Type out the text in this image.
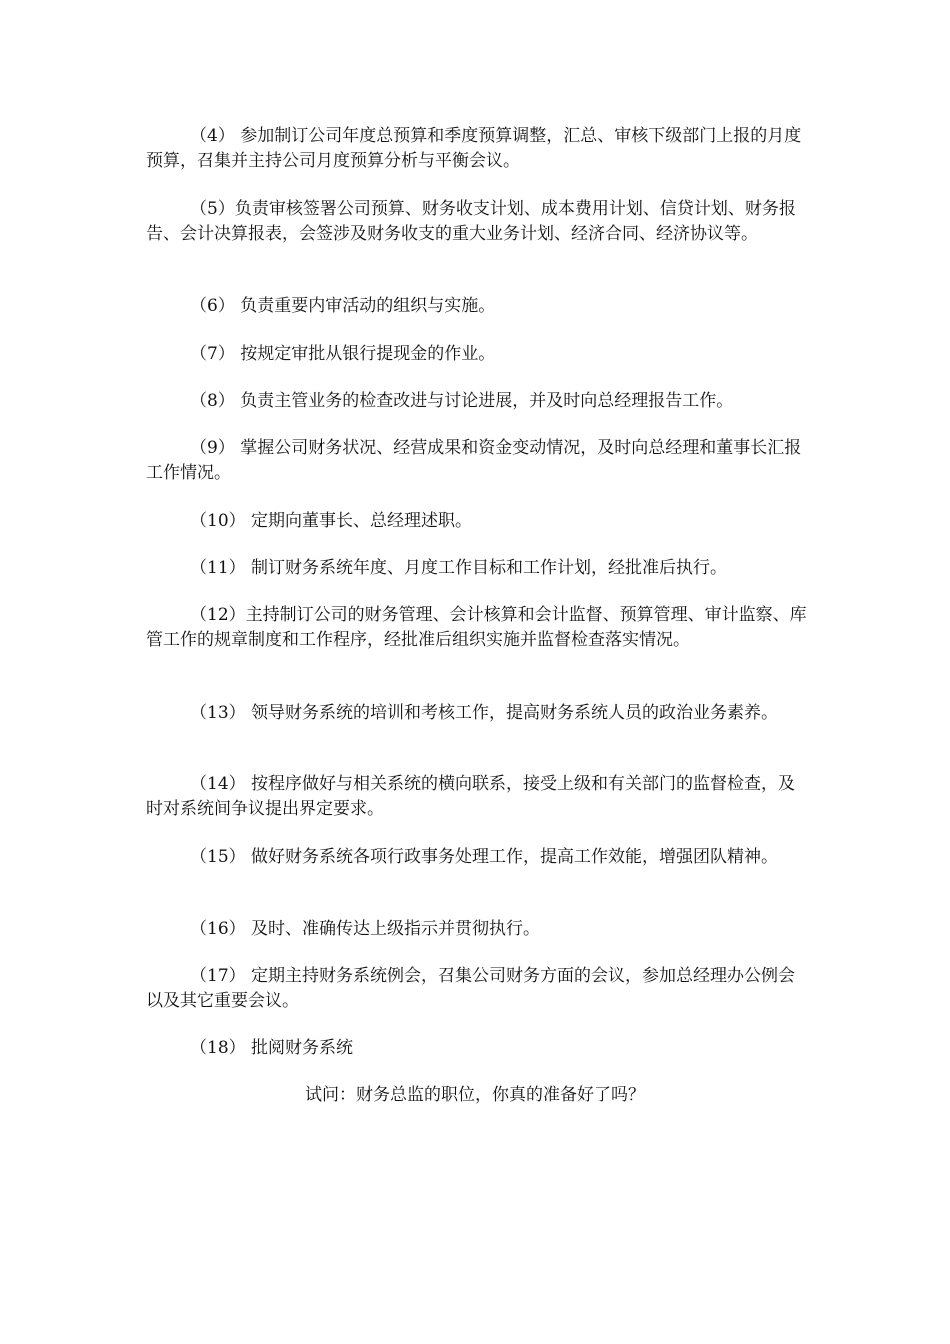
（4） 参加制订公司年度总预算和季度预算调整，汇总、审核下级部门上报的月度预算，召集并主持公司月度预算分析与平衡会议。

（5）负责审核签署公司预算、财务收支计划、成本费用计划、信贷计划、财务报告、会计决算报表，会签涉及财务收支的重大业务计划、经济合同、经济协议等。

（6） 负责重要内审活动的组织与实施。

（7） 按规定审批从银行提现金的作业。

（8） 负责主管业务的检查改进与讨论进展，并及时向总经理报告工作。

（9） 掌握公司财务状况、经营成果和资金变动情况，及时向总经理和董事长汇报工作情况。

（10） 定期向董事长、总经理述职。

（11） 制订财务系统年度、月度工作目标和工作计划，经批准后执行。

（12）主持制订公司的财务管理、会计核算和会计监督、预算管理、审计监察、库管工作的规章制度和工作程序，经批准后组织实施并监督检查落实情况。

（13） 领导财务系统的培训和考核工作，提高财务系统人员的政治业务素养。

（14） 按程序做好与相关系统的横向联系，接受上级和有关部门的监督检查，及时对系统间争议提出界定要求。

（15） 做好财务系统各项行政事务处理工作，提高工作效能，增强团队精神。

（16） 及时、准确传达上级指示并贯彻执行。

（17） 定期主持财务系统例会，召集公司财务方面的会议，参加总经理办公例会以及其它重要会议。

（18） 批阅财务系统

试问：财务总监的职位，你真的准备好了吗？
